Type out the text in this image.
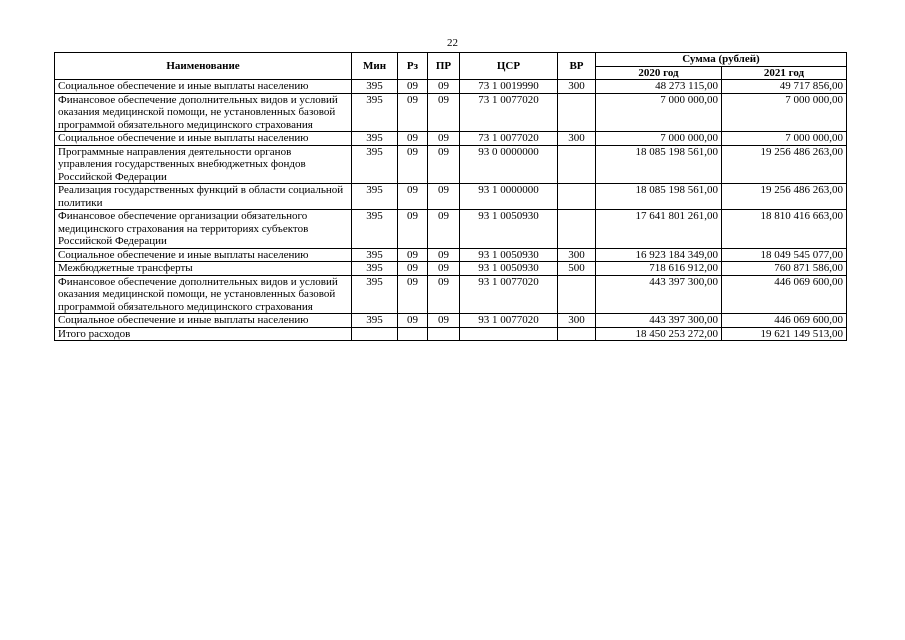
22
Наименование	Мин	Рз	ПР	ЦСР	ВР	Сумма (рублей)	
						2020 год	2021 год
Социальное обеспечение и иные выплаты населению	395	09	09	73 1 0019990	300	48 273 115,00	49 717 856,00
Финансовое обеспечение дополнительных видов и условий оказания медицинской помощи, не установленных базовой программой обязательного медицинского страхования	395	09	09	73 1 0077020		7 000 000,00	7 000 000,00
Социальное обеспечение и иные выплаты населению	395	09	09	73 1 0077020	300	7 000 000,00	7 000 000,00
Программные направления деятельности органов управления государственных внебюджетных фондов Российской Федерации	395	09	09	93 0 0000000		18 085 198 561,00	19 256 486 263,00
Реализация государственных функций в области социальной политики	395	09	09	93 1 0000000		18 085 198 561,00	19 256 486 263,00
Финансовое обеспечение организации обязательного медицинского страхования на территориях субъектов Российской Федерации	395	09	09	93 1 0050930		17 641 801 261,00	18 810 416 663,00
Социальное обеспечение и иные выплаты населению	395	09	09	93 1 0050930	300	16 923 184 349,00	18 049 545 077,00
Межбюджетные трансферты	395	09	09	93 1 0050930	500	718 616 912,00	760 871 586,00
Финансовое обеспечение дополнительных видов и условий оказания медицинской помощи, не установленных базовой программой обязательного медицинского страхования	395	09	09	93 1 0077020		443 397 300,00	446 069 600,00
Социальное обеспечение и иные выплаты населению	395	09	09	93 1 0077020	300	443 397 300,00	446 069 600,00
Итого расходов						18 450 253 272,00	19 621 149 513,00
